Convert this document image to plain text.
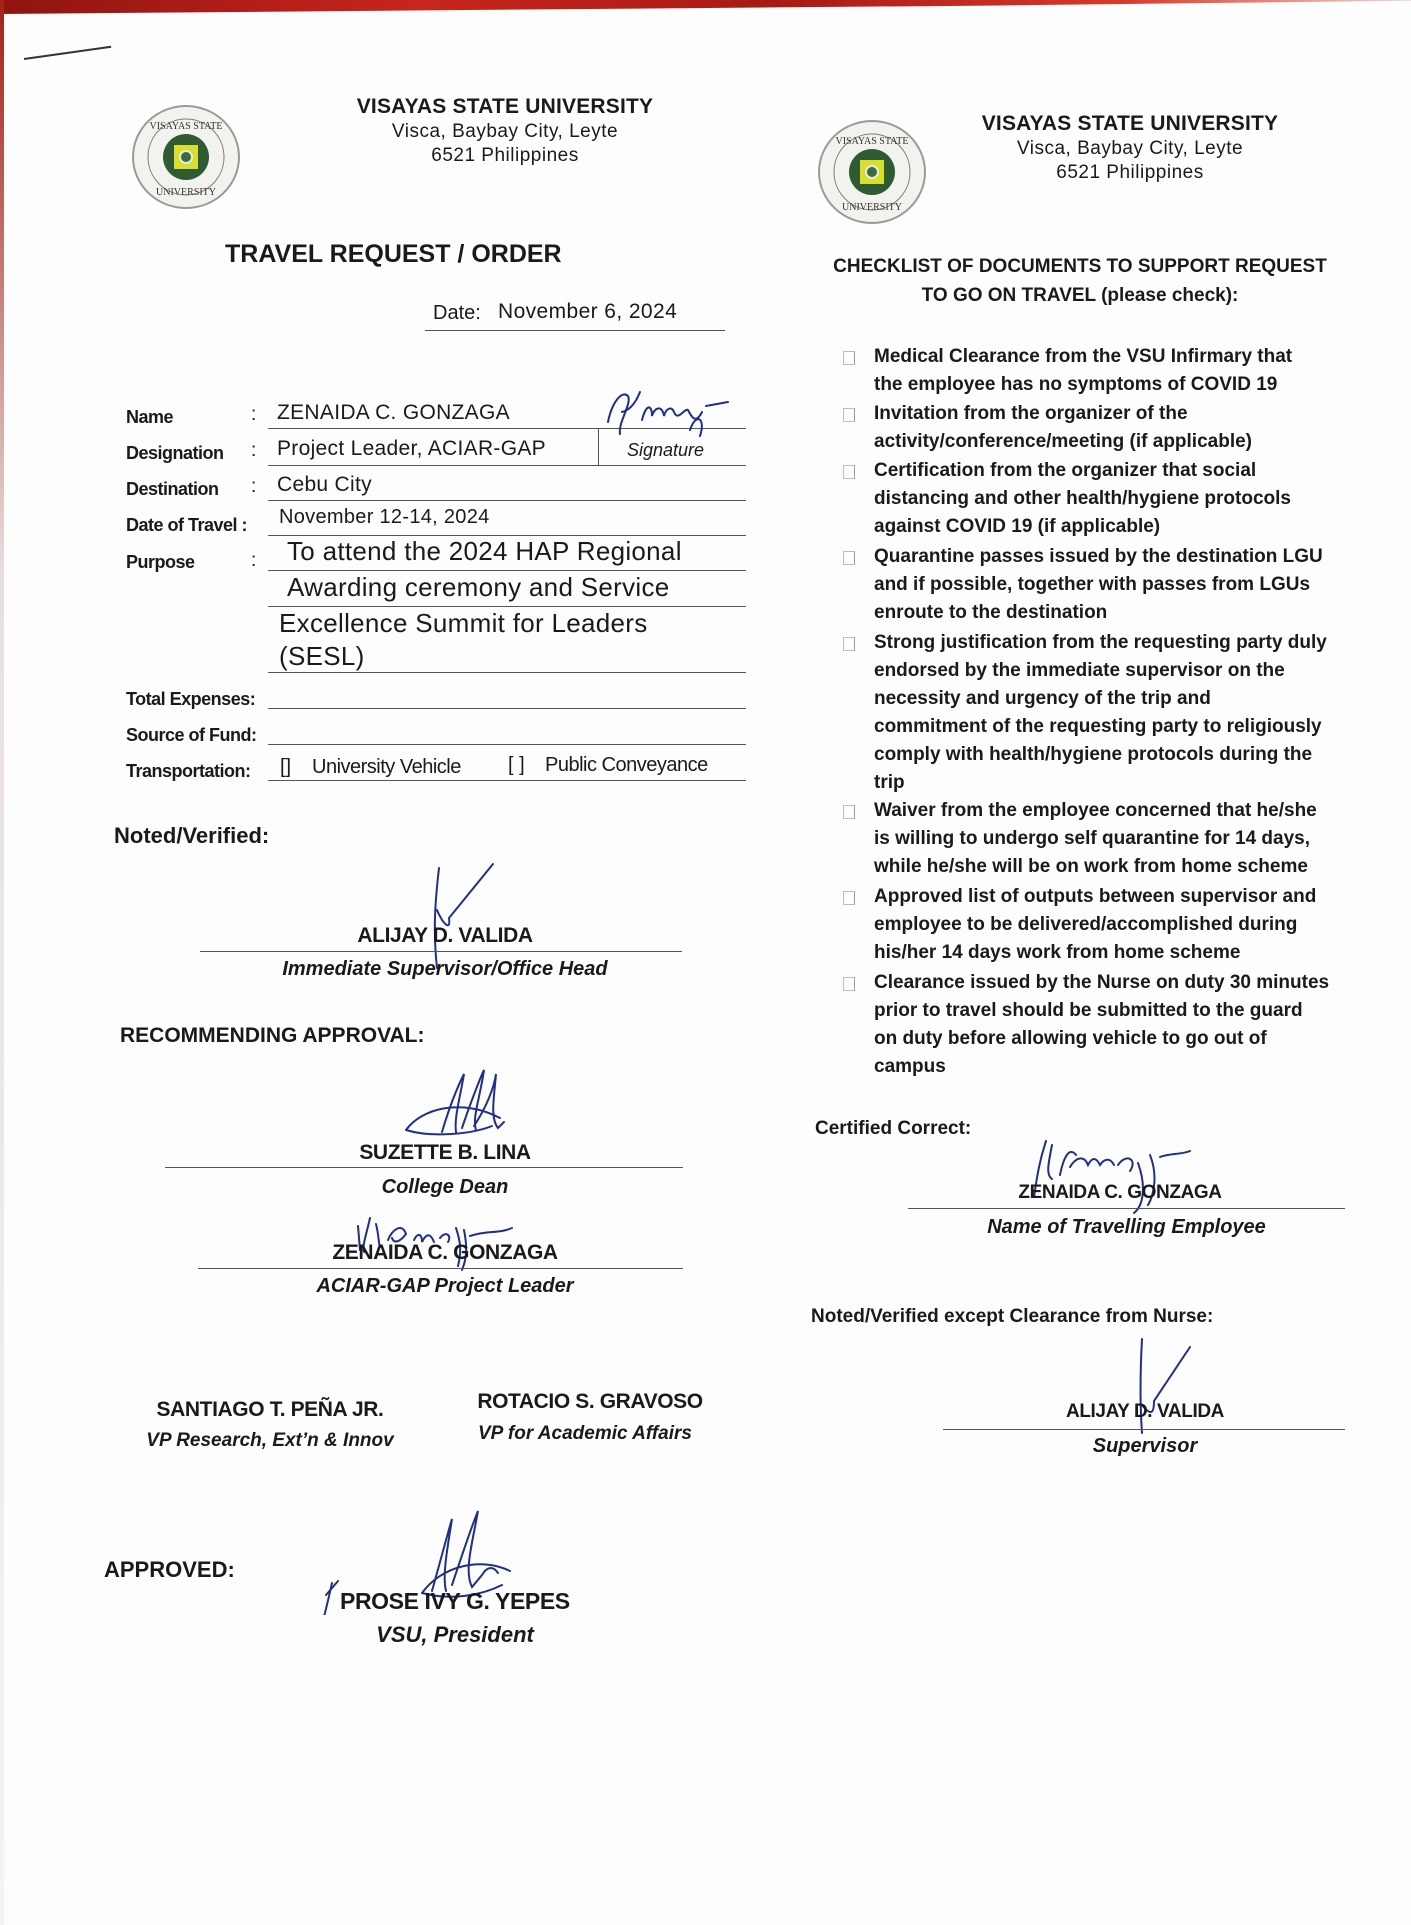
VISAYAS STATE
UNIVERSITY
VISAYAS STATE UNIVERSITY
Visca, Baybay City, Leyte
6521 Philippines
TRAVEL REQUEST / ORDER
Date: November 6, 2024
Name	: ZENAIDA C. GONZAGA
Designation : Project Leader, ACIAR-GAP	Signature
Destination : Cebu City
Date of Travel : November 12-14, 2024
Purpose	: To attend the 2024 HAP Regional
Awarding ceremony and Service
Excellence Summit for Leaders
(SESL)
Total Expenses:
Source of Fund:
Transportation: [] University Vehicle [ ] Public Conveyance
Noted/Verified:
ALIJAY D. VALIDA
Immediate Supervisor/Office Head
RECOMMENDING APPROVAL:
SUZETTE B. LINA
College Dean
ZENAIDA C. GONZAGA
ACIAR-GAP Project Leader
SANTIAGO T. PEÑA JR.
VP Research, Ext’n & Innov
ROTACIO S. GRAVOSO
VP for Academic Affairs
APPROVED:
PROSE IVY G. YEPES
VSU, President
VISAYAS STATE
UNIVERSITY
VISAYAS STATE UNIVERSITY
Visca, Baybay City, Leyte
6521 Philippines
CHECKLIST OF DOCUMENTS TO SUPPORT REQUEST
TO GO ON TRAVEL (please check):
Medical Clearance from the VSU Infirmary that
the employee has no symptoms of COVID 19
Invitation from the organizer of the
activity/conference/meeting (if applicable)
Certification from the organizer that social
distancing and other health/hygiene protocols
against COVID 19 (if applicable)
Quarantine passes issued by the destination LGU
and if possible, together with passes from LGUs
enroute to the destination
Strong justification from the requesting party duly
endorsed by the immediate supervisor on the
necessity and urgency of the trip and
commitment of the requesting party to religiously
comply with health/hygiene protocols during the
trip
Waiver from the employee concerned that he/she
is willing to undergo self quarantine for 14 days,
while he/she will be on work from home scheme
Approved list of outputs between supervisor and
employee to be delivered/accomplished during
his/her 14 days work from home scheme
Clearance issued by the Nurse on duty 30 minutes
prior to travel should be submitted to the guard
on duty before allowing vehicle to go out of
campus
Certified Correct:
ZENAIDA C. GONZAGA
Name of Travelling Employee
Noted/Verified except Clearance from Nurse:
ALIJAY D. VALIDA
Supervisor
